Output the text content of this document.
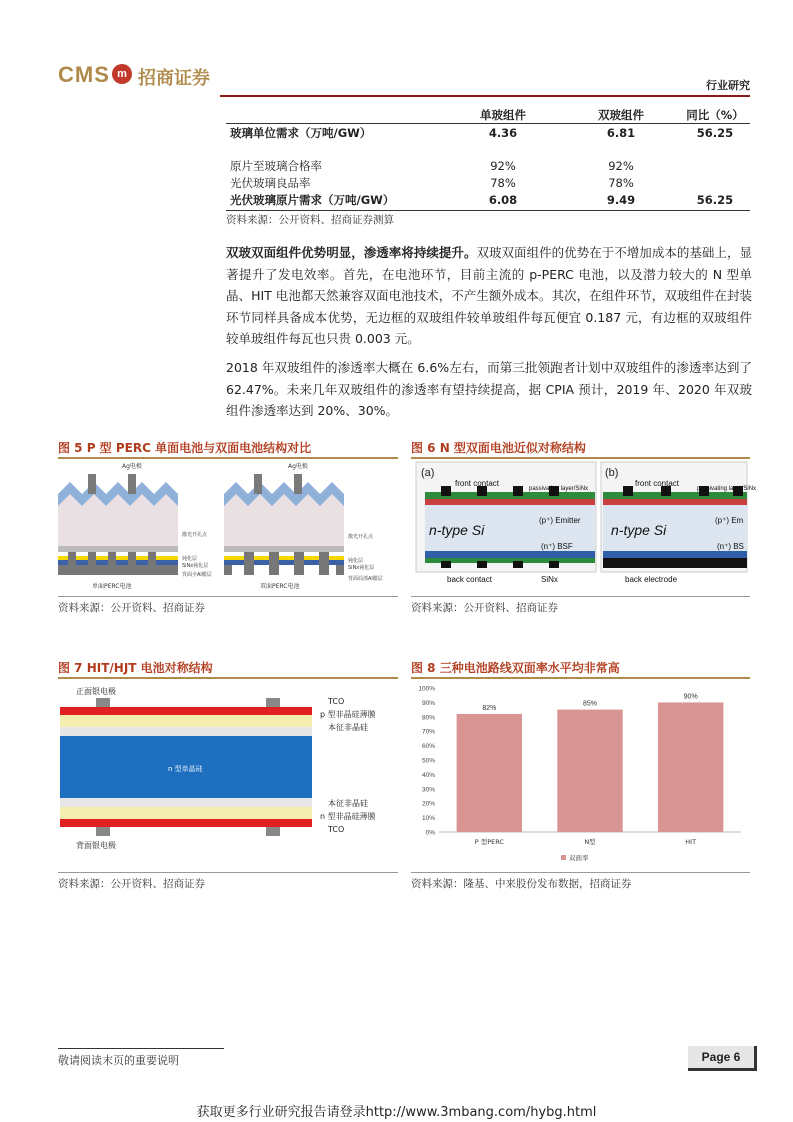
CMS m 招商证券	行业研究
	单玻组件	双玻组件	同比（%）
玻璃单位需求（万吨/GW）	4.36	6.81	56.25

原片至玻璃合格率	92%	92%	
光伏玻璃良品率	78%	78%	
光伏玻璃原片需求（万吨/GW）	6.08	9.49	56.25
资料来源：公开资料、招商证券测算
双玻双面组件优势明显，渗透率将持续提升。双玻双面组件的优势在于不增加成本的基础上，显著提升了发电效率。首先，在电池环节，目前主流的 p-PERC 电池，以及潜力较大的 N 型单晶、HIT 电池都天然兼容双面电池技术，不产生额外成本。其次，在组件环节，双玻组件在封装环节同样具备成本优势，无边框的双玻组件较单玻组件每瓦便宜 0.187 元，有边框的双玻组件较单玻组件每瓦也只贵 0.003 元。
2018 年双玻组件的渗透率大概在 6.6%左右，而第三批领跑者计划中双玻组件的渗透率达到了 62.47%。未来几年双玻组件的渗透率有望持续提高，据 CPIA 预计，2019 年、2020 年双玻组件渗透率达到 20%、30%。
图 5 P 型 PERC 单面电池与双面电池结构对比
Ag电极
单面PERC电池
激光开孔点
钝化层
SiNx钝化层
背面全Al膜层
Ag电极
双面PERC电池
激光开孔点
钝化层
SiNx钝化层
背面局部Al膜层
资料来源：公开资料、招商证券
图 6 N 型双面电池近似对称结构
(a)
front contact
passivating layer/SiNx
n-type Si
(p⁺) Emitter
(n⁺) BSF
back contact	SiNx
(b)
front contact
passivating layer/SiNx
n-type Si
(p⁺) Em
(n⁺) BS
back electrode
资料来源：公开资料、招商证券
图 7 HIT/HJT 电池对称结构
正面银电极
背面银电极
n 型单晶硅
TCO
p 型非晶硅薄膜
本征非晶硅
本征非晶硅
n 型非晶硅薄膜
TCO
资料来源：公开资料、招商证券
图 8 三种电池路线双面率水平均非常高
0%
10%
20%
30%
40%
50%
60%
70%
80%
90%
100%
82%
P 型PERC
85%
N型
90%
HIT
双面率
资料来源：隆基、中来股份发布数据，招商证券
敬请阅读末页的重要说明	Page 6
获取更多行业研究报告请登录http://www.3mbang.com/hybg.html
